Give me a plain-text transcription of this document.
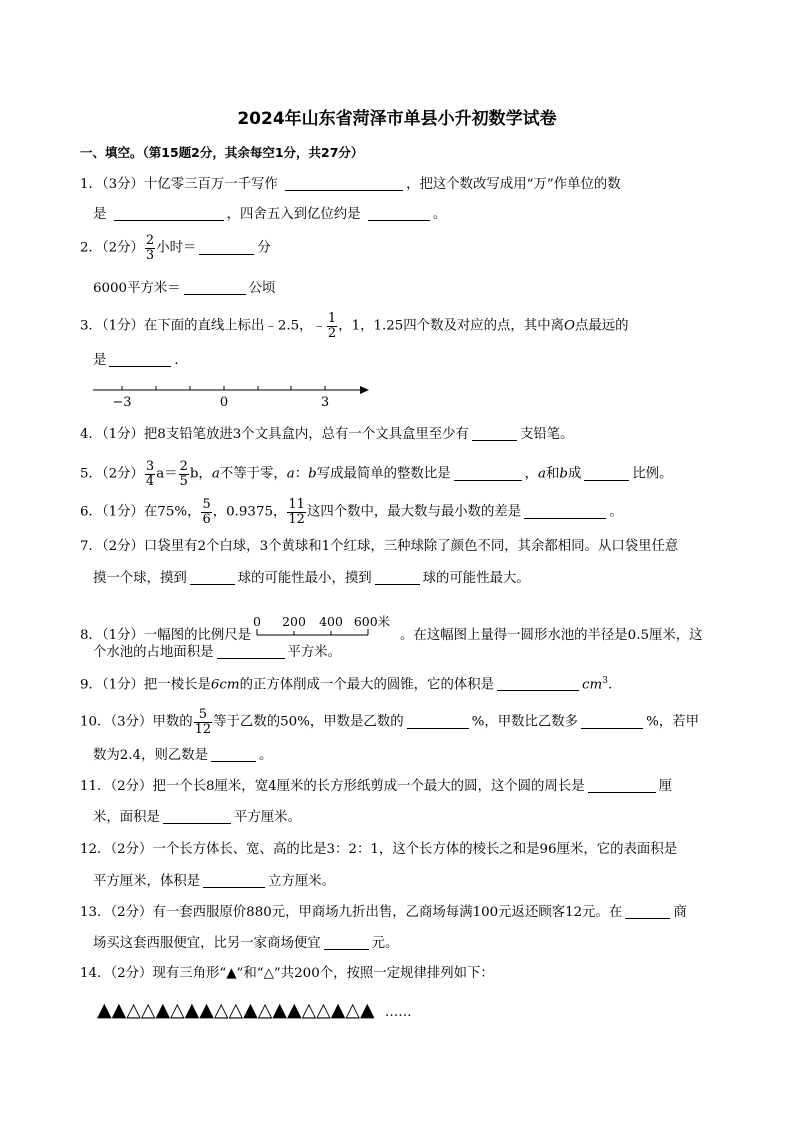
2024年山东省菏泽市单县小升初数学试卷
一、填空。（第15题2分，其余每空1分，共27分）
1．（3分）十亿零三百万一千写作	，把这个数改写成用“万”作单位的数
是	，四舍五入到亿位约是	。
2．（2分） $\frac{2}{3}$ 小时＝	分
6000平方米＝	公顷
3．（1分）在下面的直线上标出﹣2.5，﹣ $\frac{1}{2}$ ，1，1.25四个数及对应的点，其中离O点最远的
是	．
−3	0	3
4．（1分）把8支铅笔放进3个文具盒内，总有一个文具盒里至少有	支铅笔。
5．（2分） $\frac{3}{4} a= \frac{2}{5}$ b，a不等于零，a：b写成最简单的整数比是	，a和b成	比例。
6．（1分）在75%， $\frac{5}{6}$ ，0.9375， $\frac{11}{12}$ 这四个数中，最大数与最小数的差是	。
7．（2分）口袋里有2个白球，3个黄球和1个红球，三种球除了颜色不同，其余都相同。从口袋里任意
摸一个球，摸到	球的可能性最小，摸到	球的可能性最大。
8．（1分）一幅图的比例尺是
0 200 400 600米
。在这幅图上量得一圆形水池的半径是0.5厘米，这
个水池的占地面积是	平方米。
9．（1分）把一棱长是6cm的正方体削成一个最大的圆锥，它的体积是	$cm^3$.
10．（3分）甲数的 $\frac{5}{12}$ 等于乙数的50%，甲数是乙数的	%，甲数比乙数多	%，若甲
数为2.4，则乙数是	。
11．（2分）把一个长8厘米，宽4厘米的长方形纸剪成一个最大的圆，这个圆的周长是	厘
米，面积是	平方厘米。
12．（2分）一个长方体长、宽、高的比是3：2：1，这个长方体的棱长之和是96厘米，它的表面积是
平方厘米，体积是	立方厘米。
13．（2分）有一套西服原价880元，甲商场九折出售，乙商场每满100元返还顾客12元。在	商
场买这套西服便宜，比另一家商场便宜	元。
14．（2分）现有三角形“▲”和“△”共200个，按照一定规律排列如下：
▲▲△△▲△▲▲△△▲△▲▲△△▲△▲ ……
